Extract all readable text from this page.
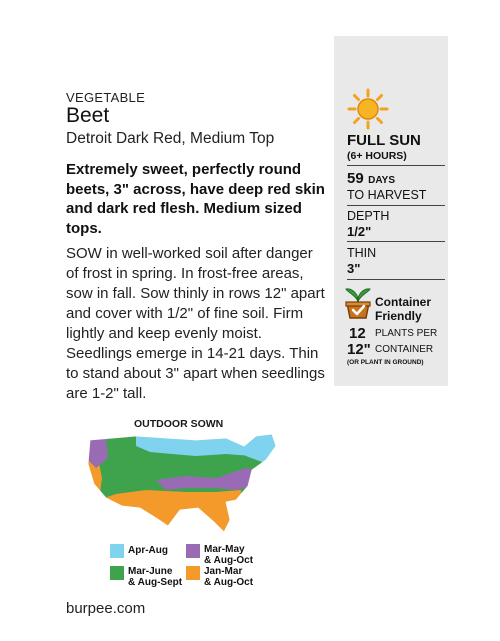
VEGETABLE
Beet
Detroit Dark Red, Medium Top
Extremely sweet, perfectly round beets, 3" across, have deep red skin and dark red flesh. Medium sized tops.
SOW in well-worked soil after danger of frost in spring. In frost-free areas, sow in fall. Sow thinly in rows 12" apart and cover with 1/2" of fine soil. Firm lightly and keep evenly moist. Seedlings emerge in 14-21 days. Thin to stand about 3" apart when seedlings are 1-2" tall.
FULL SUN
(6+ HOURS)
59 DAYS
TO HARVEST
DEPTH
1/2"
THIN
3"
Container
Friendly
12 PLANTS PER
12" CONTAINER
(OR PLANT IN GROUND)
OUTDOOR SOWN
Apr-Aug	Mar-May
& Aug-Oct
Mar-June
& Aug-Sept
Jan-Mar
& Aug-Oct
burpee.com
